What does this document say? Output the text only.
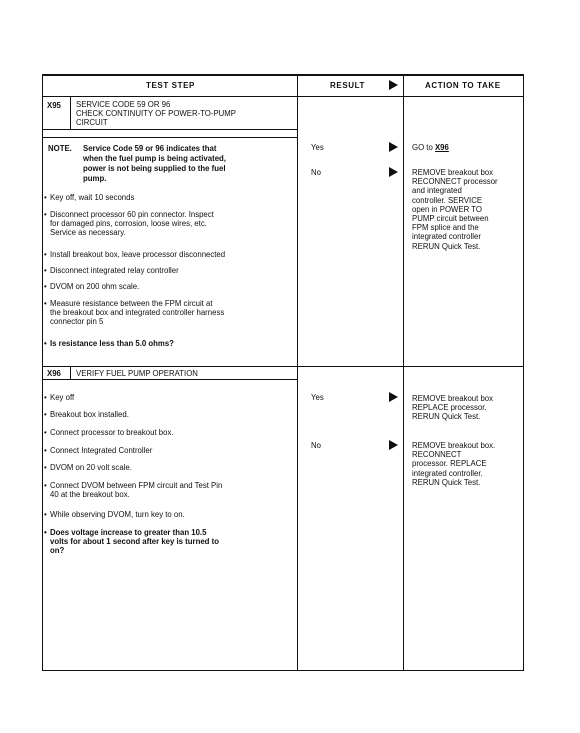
TEST STEP	RESULT	ACTION TO TAKE
X95 SERVICE CODE 59 OR 96
CHECK CONTINUITY OF POWER-TO-PUMP
CIRCUIT
NOTE. Service Code 59 or 96 indicates that
when the fuel pump is being activated,
power is not being supplied to the fuel
pump.
• Key off, wait 10 seconds
• Disconnect processor 60 pin connector. Inspect
for damaged pins, corrosion, loose wires, etc.
Service as necessary.
• Install breakout box, leave processor disconnected
• Disconnect integrated relay controller
• DVOM on 200 ohm scale.
• Measure resistance between the FPM circuit at
the breakout box and integrated controller harness
connector pin 5
• Is resistance less than 5.0 ohms?
Yes
No
GO to X96
REMOVE breakout box
RECONNECT processor
and integrated
controller. SERVICE
open in POWER TO
PUMP circuit between
FPM splice and the
integrated controller
RERUN Quick Test.
X96 VERIFY FUEL PUMP OPERATION
• Key off
• Breakout box installed.
• Connect processor to breakout box.
• Connect Integrated Controller
• DVOM on 20 volt scale.
• Connect DVOM between FPM circuit and Test Pin
40 at the breakout box.
• While observing DVOM, turn key to on.
• Does voltage increase to greater than 10.5
volts for about 1 second after key is turned to
on?
Yes
No
REMOVE breakout box
REPLACE processor.
RERUN Quick Test.
REMOVE breakout box.
RECONNECT
processor. REPLACE
integrated controller.
RERUN Quick Test.
